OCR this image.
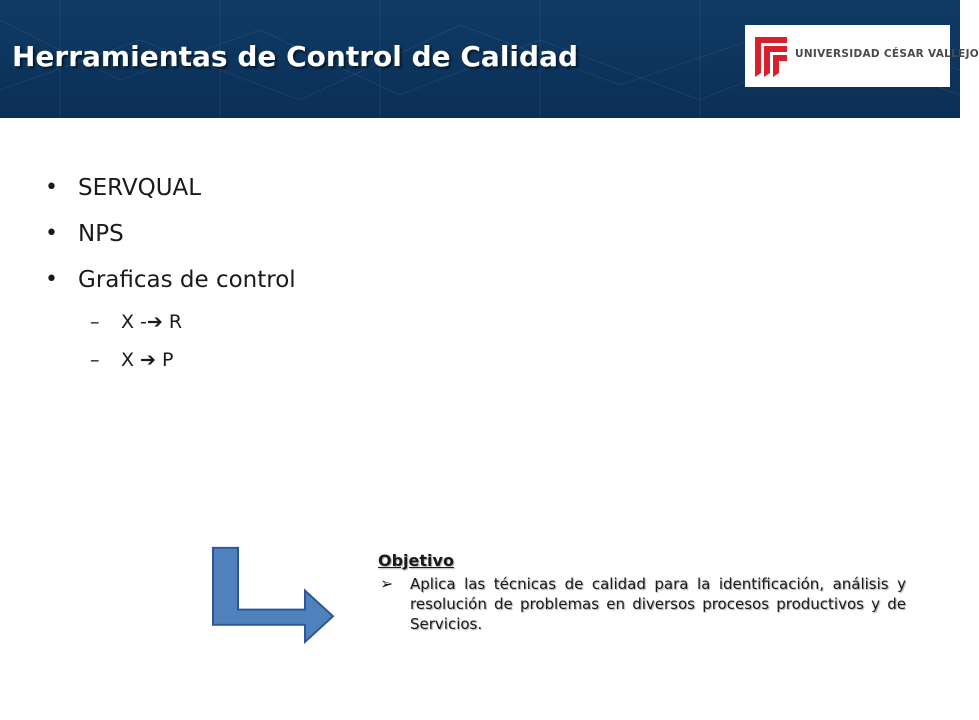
Herramientas de Control de Calidad	UNIVERSIDAD CÉSAR VALLEJO
• SERVQUAL
• NPS
• Graficas de control
– X -➔ R
– X ➔ P
Objetivo
➢ Aplica las técnicas de calidad para la identificación, análisis y resolución de problemas en diversos procesos productivos y de Servicios.
